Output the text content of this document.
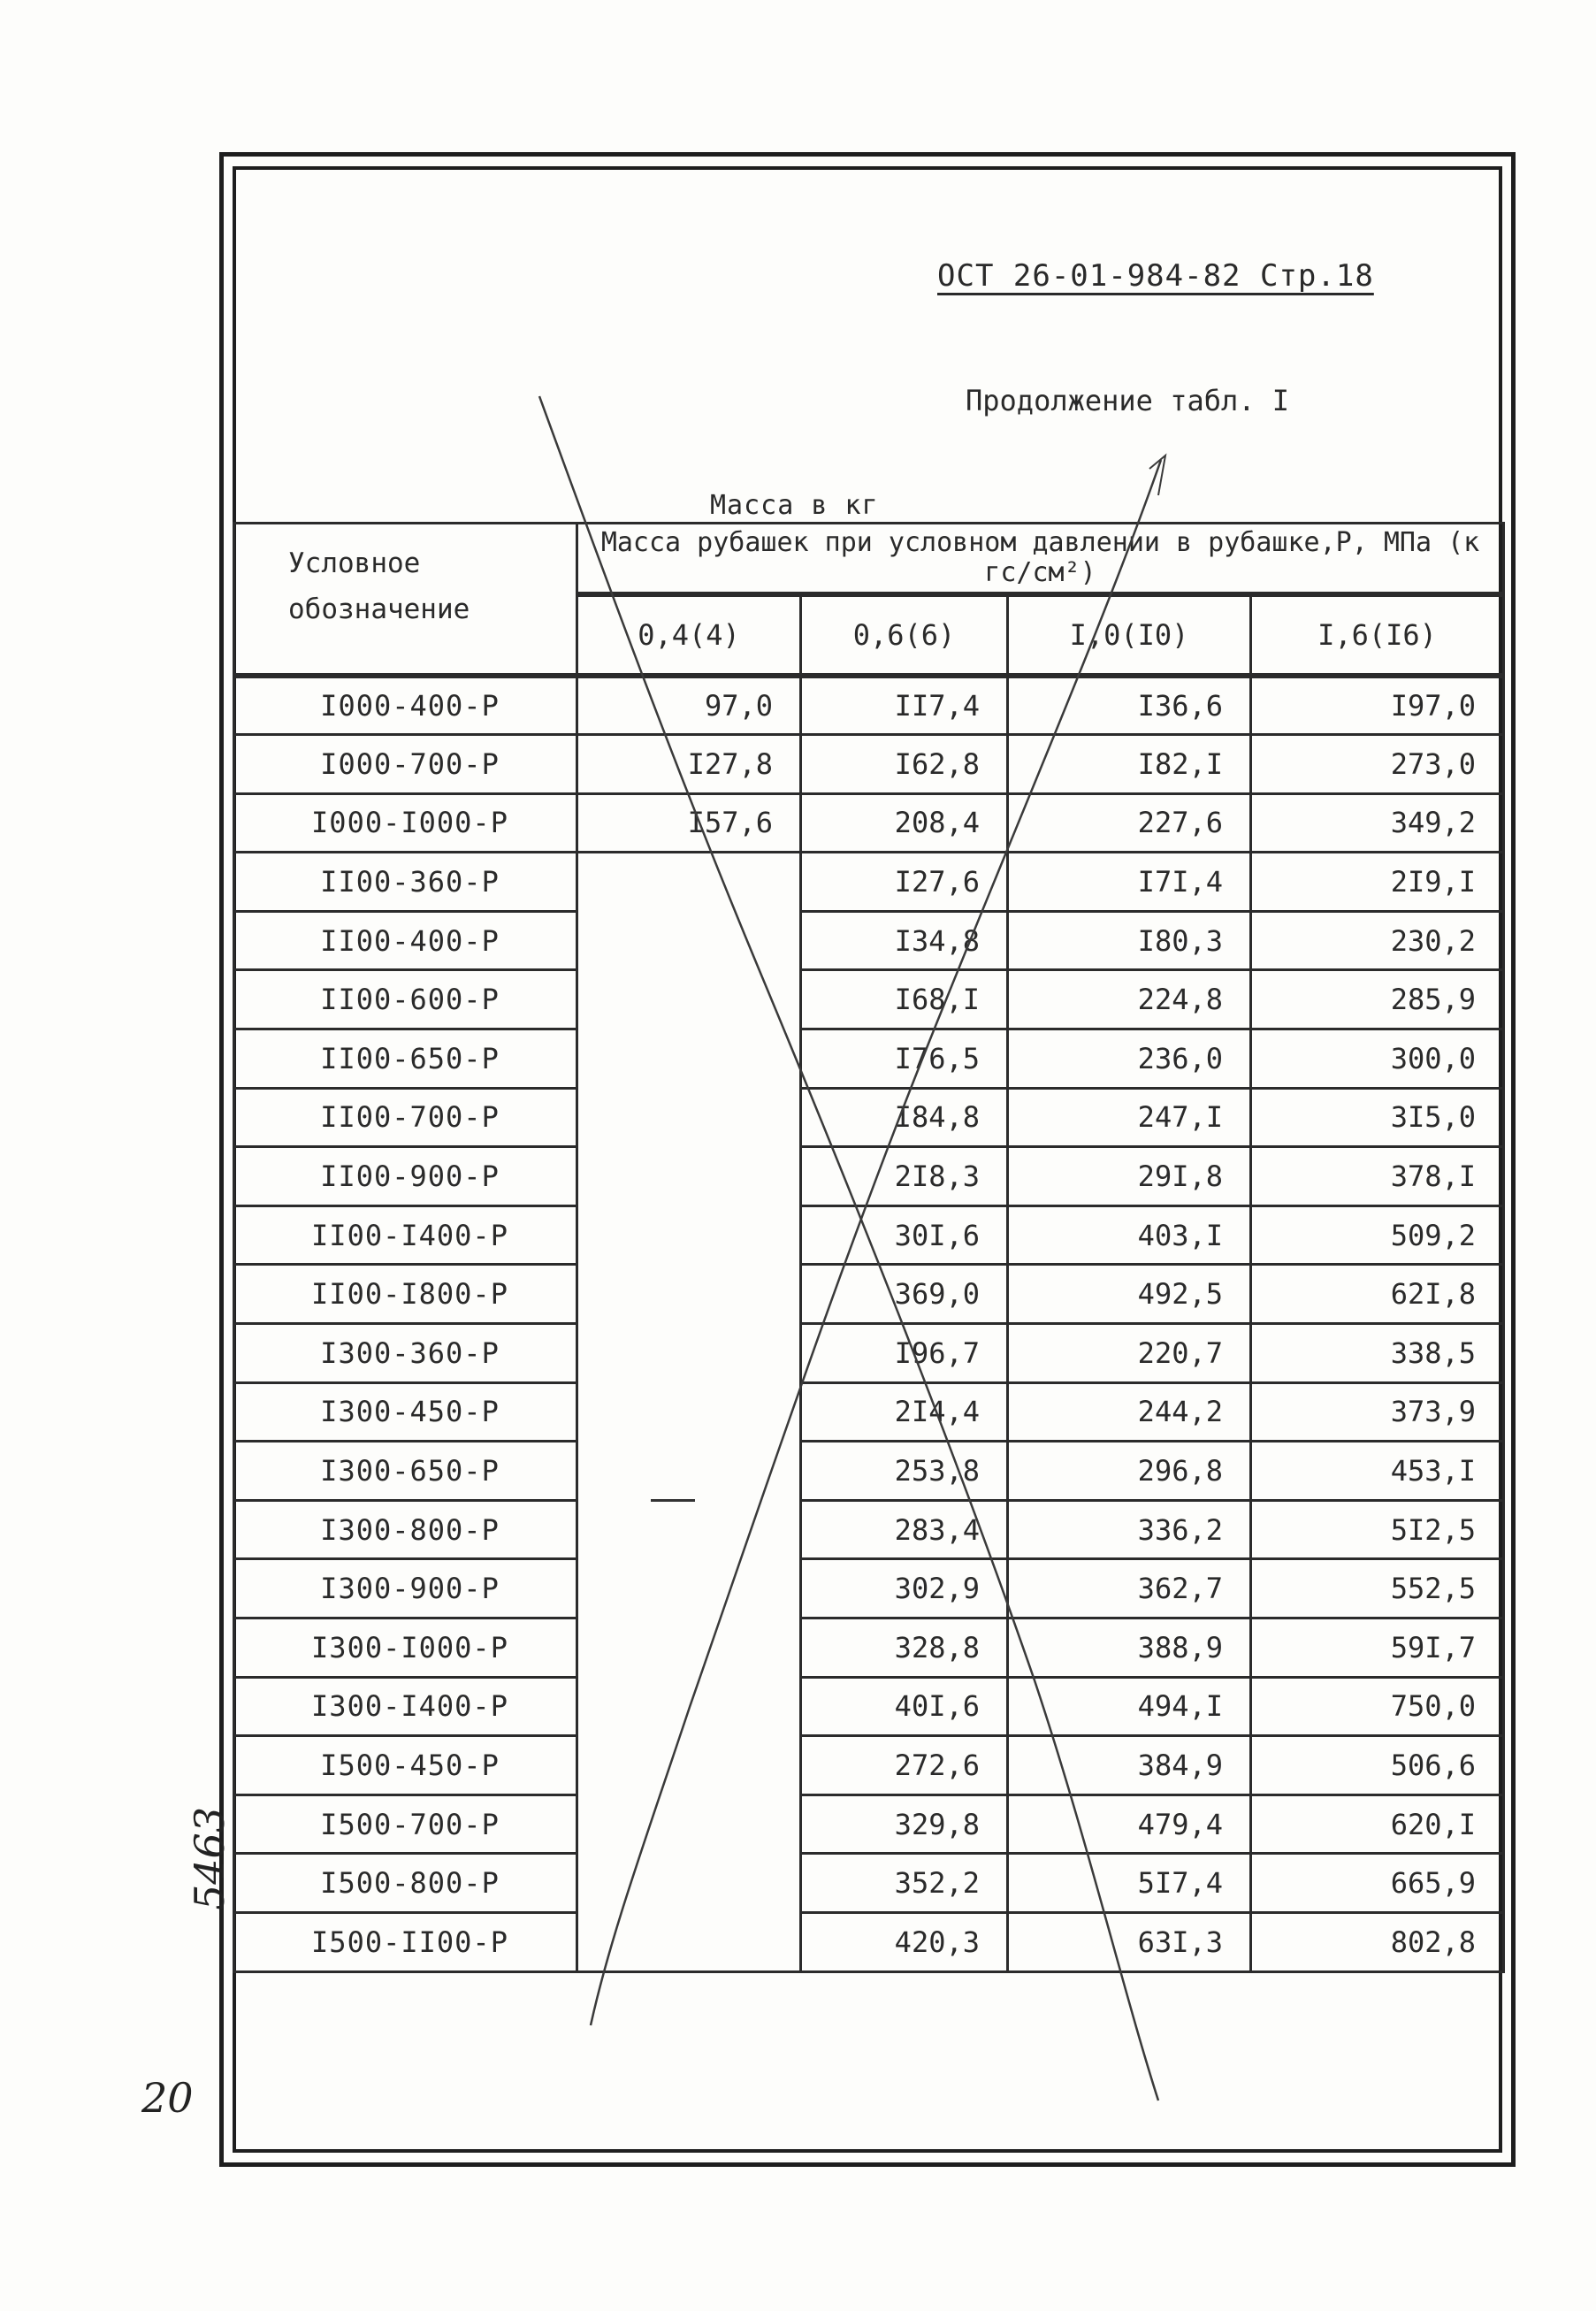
ОСТ 26-01-984-82 Стр.18
Продолжение табл. I
Масса в кг
Условное обозначение	Масса рубашек при условном давлении в рубашке,Р, МПа (к гс/см²)			
	0,4(4)	0,6(6)	I,0(I0)	I,6(I6)
I000-400-Р	97,0	II7,4	I36,6	I97,0
I000-700-Р	I27,8	I62,8	I82,I	273,0
I000-I000-Р	I57,6	208,4	227,6	349,2
II00-360-Р		I27,6	I7I,4	2I9,I
II00-400-Р		I34,8	I80,3	230,2
II00-600-Р		I68,I	224,8	285,9
II00-650-Р		I76,5	236,0	300,0
II00-700-Р		I84,8	247,I	3I5,0
II00-900-Р		2I8,3	29I,8	378,I
II00-I400-Р		30I,6	403,I	509,2
II00-I800-Р		369,0	492,5	62I,8
I300-360-Р		I96,7	220,7	338,5
I300-450-Р		2I4,4	244,2	373,9
I300-650-Р		253,8	296,8	453,I
I300-800-Р		283,4	336,2	5I2,5
I300-900-Р		302,9	362,7	552,5
I300-I000-Р		328,8	388,9	59I,7
I300-I400-Р		40I,6	494,I	750,0
I500-450-Р		272,6	384,9	506,6
I500-700-Р		329,8	479,4	620,I
I500-800-Р		352,2	5I7,4	665,9
I500-II00-Р		420,3	63I,3	802,8
5463
20
